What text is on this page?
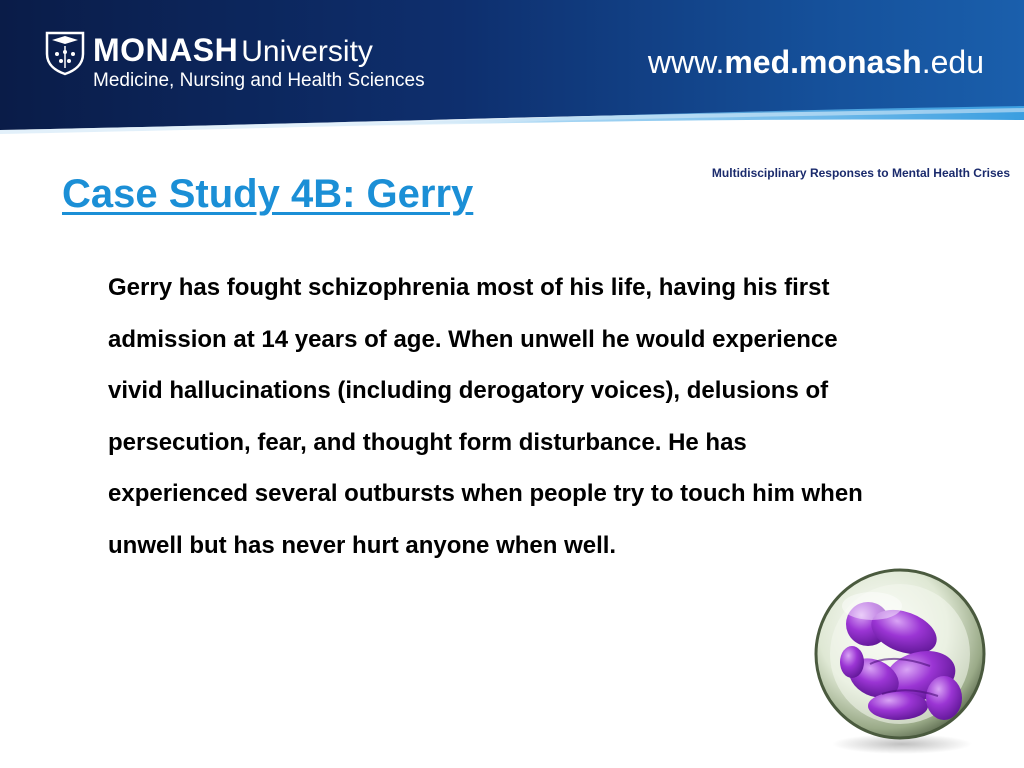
MONASH University
Medicine, Nursing and Health Sciences
www.med.monash.edu
Multidisciplinary Responses to Mental Health Crises
Case Study 4B: Gerry
Gerry has fought schizophrenia most of his life, having his first admission at 14 years of age. When unwell he would experience vivid hallucinations (including derogatory voices), delusions of persecution, fear, and thought form disturbance. He has experienced several outbursts when people try to touch him when unwell but has never hurt anyone when well.
